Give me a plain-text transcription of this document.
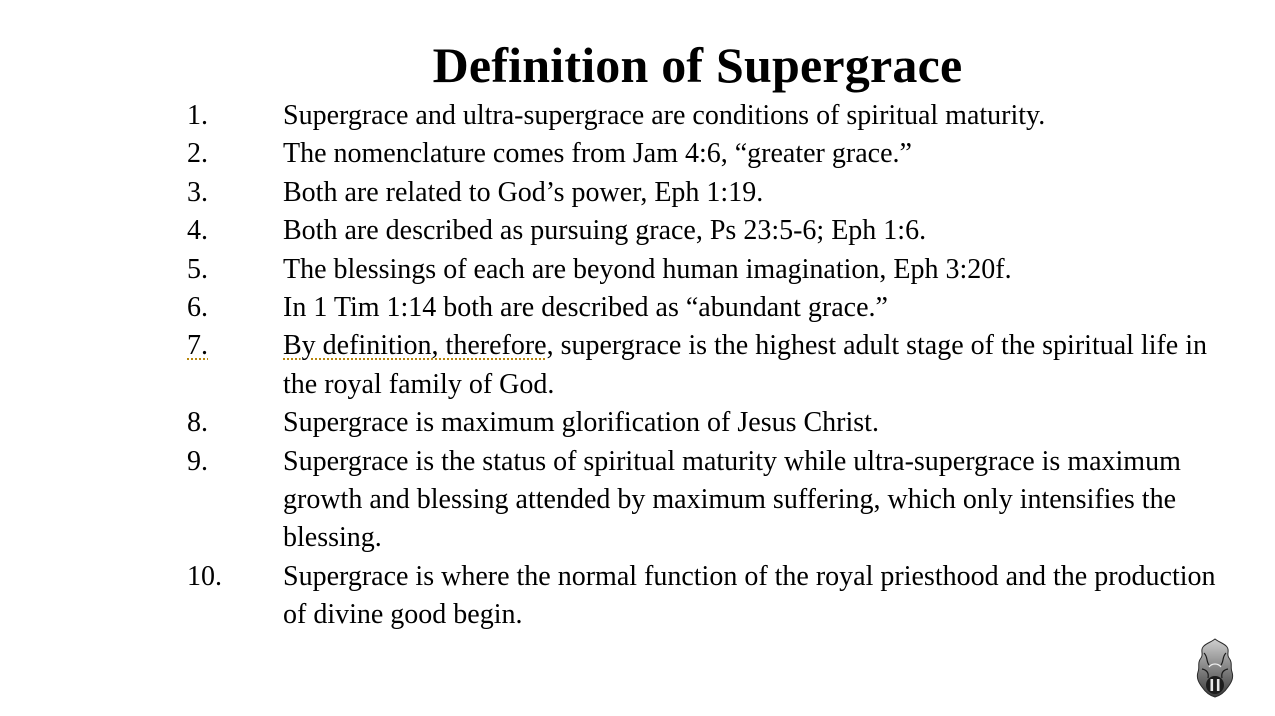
Definition of Supergrace
1.	Supergrace and ultra-supergrace are conditions of spiritual maturity.
2.	The nomenclature comes from Jam 4:6, “greater grace.”
3.	Both are related to God’s power, Eph 1:19.
4.	Both are described as pursuing grace, Ps 23:5-6; Eph 1:6.
5.	The blessings of each are beyond human imagination, Eph 3:20f.
6.	In 1 Tim 1:14 both are described as “abundant grace.”
7.	By definition, therefore, supergrace is the highest adult stage of the spiritual life in the royal family of God.
8.	Supergrace is maximum glorification of Jesus Christ.
9.	Supergrace is the status of spiritual maturity while ultra-supergrace is maximum growth and blessing attended by maximum suffering, which only intensifies the blessing.
10.	Supergrace is where the normal function of the royal priesthood and the production of divine good begin.
